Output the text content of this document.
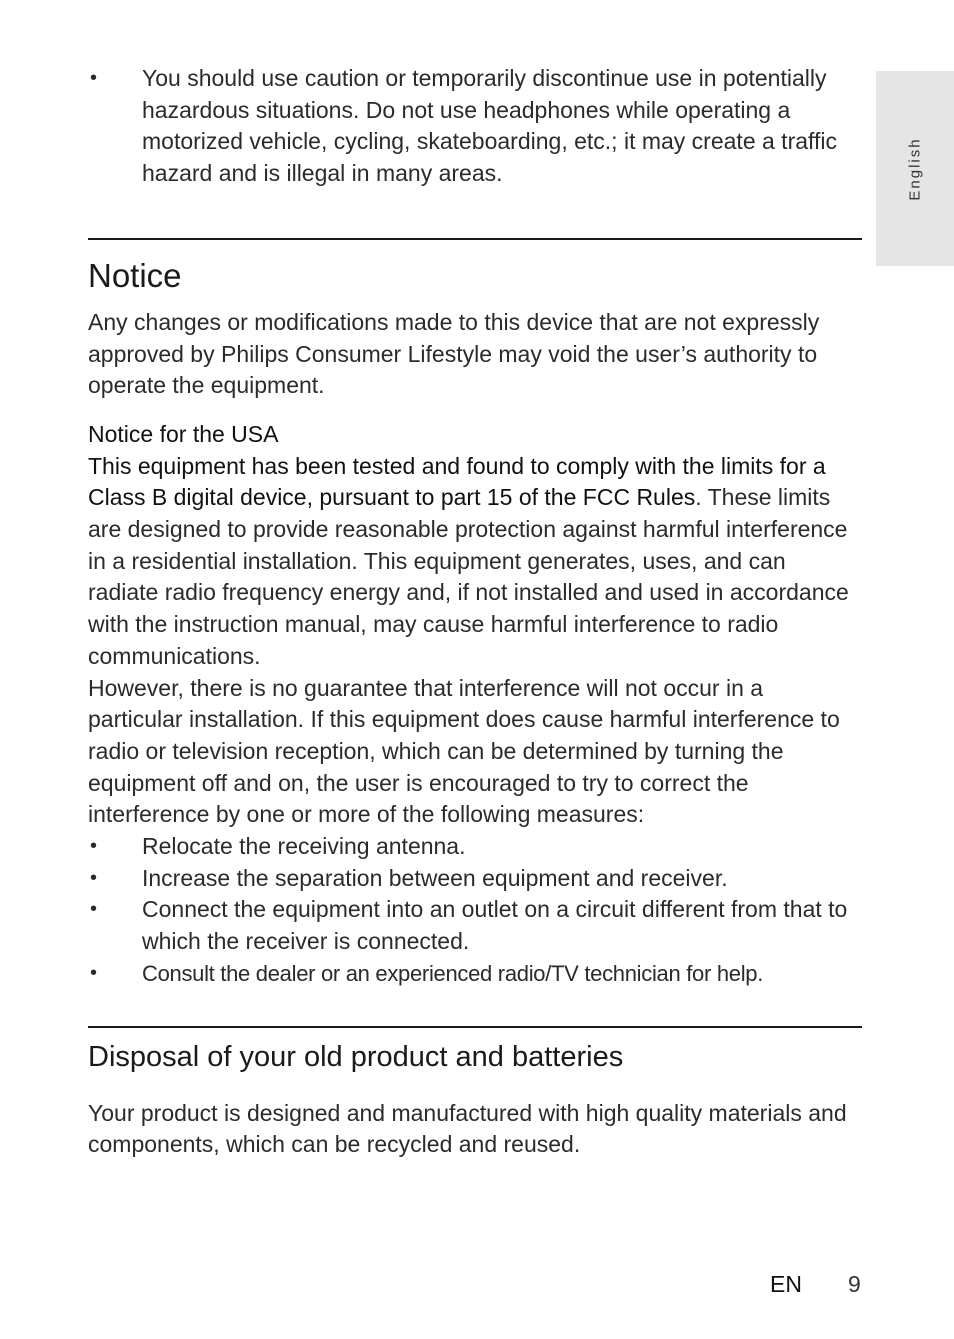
English
• You should use caution or temporarily discontinue use in potentially hazardous situations. Do not use headphones while operating a motorized vehicle, cycling, skateboarding, etc.; it may create a traffic hazard and is illegal in many areas.
Notice

Any changes or modifications made to this device that are not expressly approved by Philips Consumer Lifestyle may void the user’s authority to operate the equipment.

Notice for the USA

This equipment has been tested and found to comply with the limits for a Class B digital device, pursuant to part 15 of the FCC Rules. These limits are designed to provide reasonable protection against harmful interference in a residential installation. This equipment generates, uses, and can radiate radio frequency energy and, if not installed and used in accordance with the instruction manual, may cause harmful interference to radio communications.

However, there is no guarantee that interference will not occur in a particular installation. If this equipment does cause harmful interference to radio or television reception, which can be determined by turning the equipment off and on, the user is encouraged to try to correct the interference by one or more of the following measures:

• Relocate the receiving antenna.
• Increase the separation between equipment and receiver.
• Connect the equipment into an outlet on a circuit different from that to which the receiver is connected.
• Consult the dealer or an experienced radio/TV technician for help.
Disposal of your old product and batteries

Your product is designed and manufactured with high quality materials and components, which can be recycled and reused.

EN 9
